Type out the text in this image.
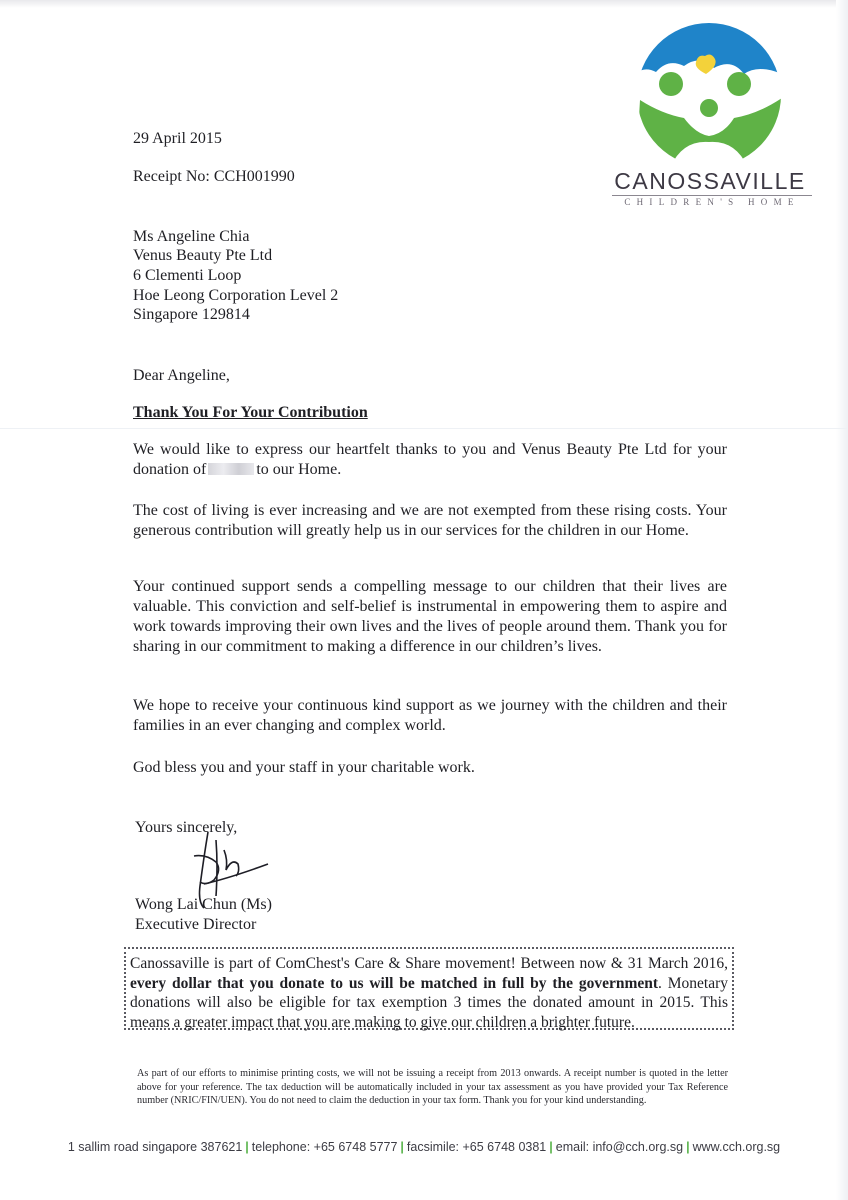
CANOSSAVILLE
CHILDREN'S HOME
29 April 2015
Receipt No: CCH001990
Ms Angeline Chia
Venus Beauty Pte Ltd
6 Clementi Loop
Hoe Leong Corporation Level 2
Singapore 129814
Dear Angeline,
Thank You For Your Contribution
We would like to express our heartfelt thanks to you and Venus Beauty Pte Ltd for your donation of	to our Home.
The cost of living is ever increasing and we are not exempted from these rising costs. Your generous contribution will greatly help us in our services for the children in our Home.
Your continued support sends a compelling message to our children that their lives are valuable. This conviction and self-belief is instrumental in empowering them to aspire and work towards improving their own lives and the lives of people around them. Thank you for sharing in our commitment to making a difference in our children’s lives.
We hope to receive your continuous kind support as we journey with the children and their families in an ever changing and complex world.
God bless you and your staff in your charitable work.
Yours sincerely,
Wong Lai Chun (Ms)
Executive Director

Canossaville is part of ComChest's Care & Share movement! Between now & 31 March 2016, every dollar that you donate to us will be matched in full by the government. Monetary donations will also be eligible for tax exemption 3 times the donated amount in 2015. This means a greater impact that you are making to give our children a brighter future.

As part of our efforts to minimise printing costs, we will not be issuing a receipt from 2013 onwards. A receipt number is quoted in the letter above for your reference. The tax deduction will be automatically included in your tax assessment as you have provided your Tax Reference number (NRIC/FIN/UEN). You do not need to claim the deduction in your tax form. Thank you for your kind understanding.
1 sallim road singapore 387621 | telephone: +65 6748 5777 | facsimile: +65 6748 0381 | email: info@cch.org.sg | www.cch.org.sg
